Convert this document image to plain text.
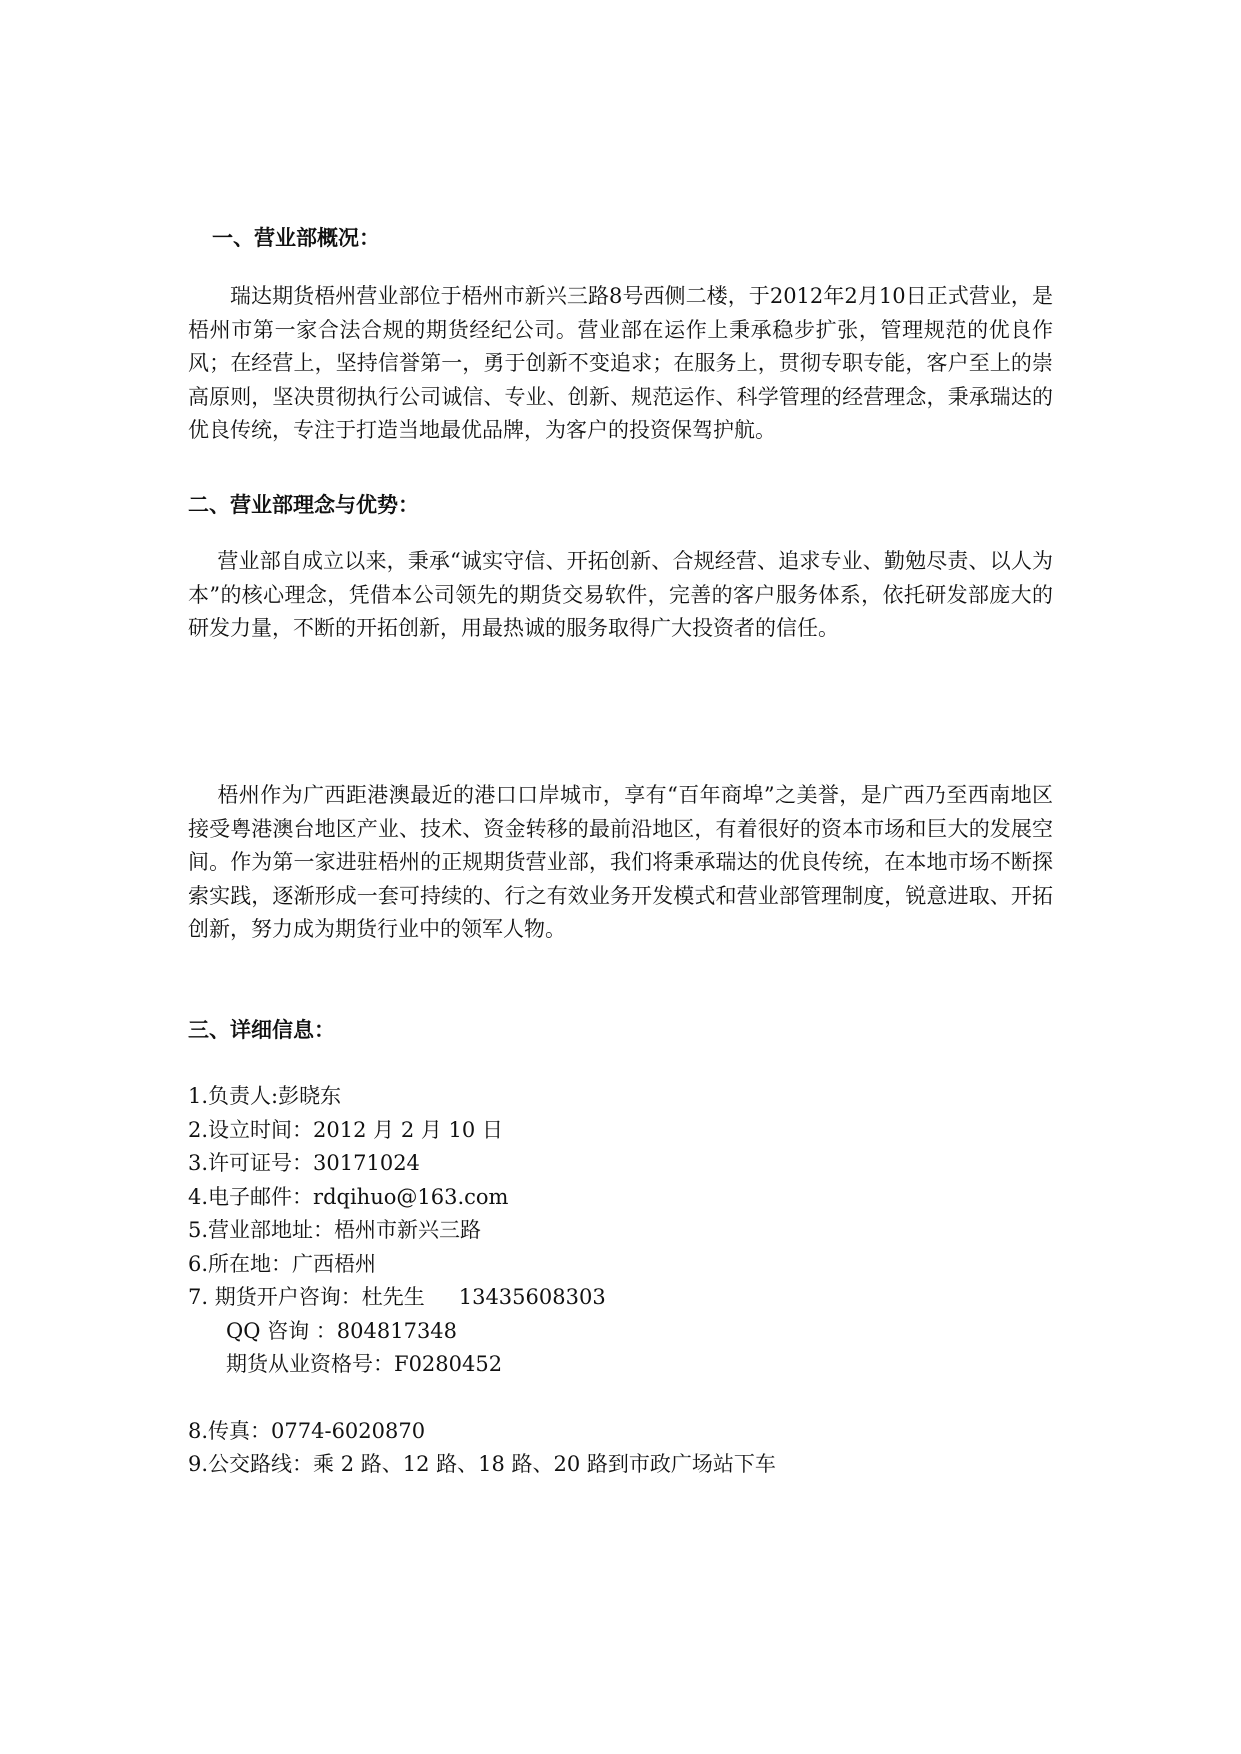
一、营业部概况：
瑞达期货梧州营业部位于梧州市新兴三路8号西侧二楼，于2012年2月10日正式营业，是梧州市第一家合法合规的期货经纪公司。营业部在运作上秉承稳步扩张，管理规范的优良作风；在经营上，坚持信誉第一，勇于创新不变追求；在服务上，贯彻专职专能，客户至上的崇高原则，坚决贯彻执行公司诚信、专业、创新、规范运作、科学管理的经营理念，秉承瑞达的优良传统，专注于打造当地最优品牌，为客户的投资保驾护航。
二、营业部理念与优势：
营业部自成立以来，秉承“诚实守信、开拓创新、合规经营、追求专业、勤勉尽责、以人为本”的核心理念，凭借本公司领先的期货交易软件，完善的客户服务体系，依托研发部庞大的研发力量，不断的开拓创新，用最热诚的服务取得广大投资者的信任。
梧州作为广西距港澳最近的港口口岸城市，享有“百年商埠”之美誉，是广西乃至西南地区接受粤港澳台地区产业、技术、资金转移的最前沿地区，有着很好的资本市场和巨大的发展空间。作为第一家进驻梧州的正规期货营业部，我们将秉承瑞达的优良传统，在本地市场不断探索实践，逐渐形成一套可持续的、行之有效业务开发模式和营业部管理制度，锐意进取、开拓创新，努力成为期货行业中的领军人物。
三、详细信息：
1.负责人:彭晓东
2.设立时间：2012 月 2 月 10 日
3.许可证号：30171024
4.电子邮件：rdqihuo@163.com
5.营业部地址：梧州市新兴三路
6.所在地：广西梧州
7. 期货开户咨询：杜先生 13435608303
QQ 咨询 ：804817348
期货从业资格号：F0280452
8.传真：0774-6020870
9.公交路线：乘 2 路、12 路、18 路、20 路到市政广场站下车
